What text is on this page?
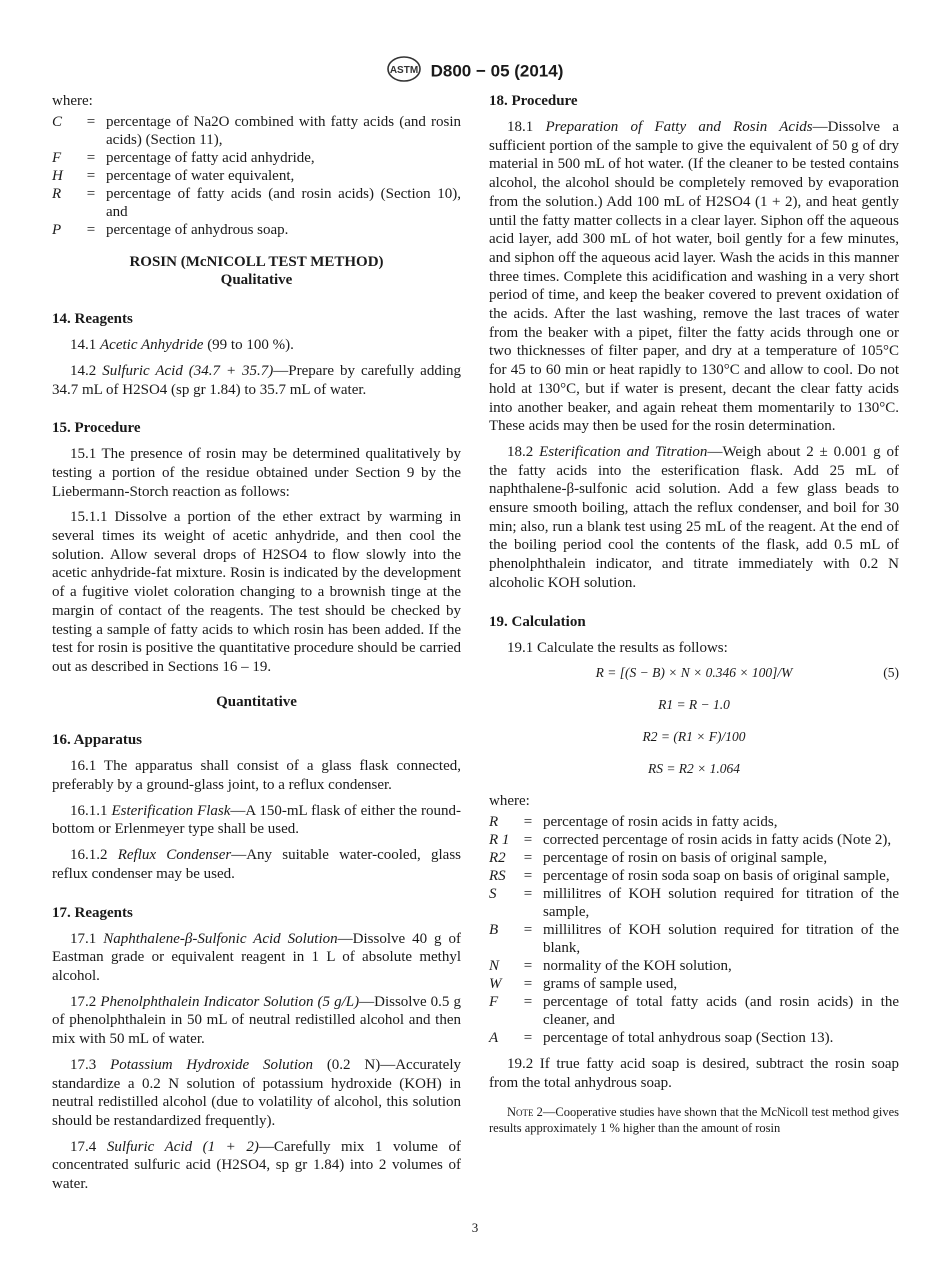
ASTM D800 − 05 (2014)

where:

C	=	percentage of Na2O combined with fatty acids (and rosin acids) (Section 11),
F	=	percentage of fatty acid anhydride,
H	=	percentage of water equivalent,
R	=	percentage of fatty acids (and rosin acids) (Section 10), and
P	=	percentage of anhydrous soap.
ROSIN (McNICOLL TEST METHOD)
Qualitative
14. Reagents

14.1 Acetic Anhydride (99 to 100 %).

14.2 Sulfuric Acid (34.7 + 35.7)—Prepare by carefully adding 34.7 mL of H2SO4 (sp gr 1.84) to 35.7 mL of water.

15. Procedure

15.1 The presence of rosin may be determined qualitatively by testing a portion of the residue obtained under Section 9 by the Liebermann-Storch reaction as follows:

15.1.1 Dissolve a portion of the ether extract by warming in several times its weight of acetic anhydride, and then cool the solution. Allow several drops of H2SO4 to flow slowly into the acetic anhydride-fat mixture. Rosin is indicated by the development of a fugitive violet coloration changing to a brownish tinge at the margin of contact of the reagents. The test should be checked by testing a sample of fatty acids to which rosin has been added. If the test for rosin is positive the quantitative procedure should be carried out as described in Sections 16 – 19.

Quantitative
16. Apparatus

16.1 The apparatus shall consist of a glass flask connected, preferably by a ground-glass joint, to a reflux condenser.

16.1.1 Esterification Flask—A 150-mL flask of either the round-bottom or Erlenmeyer type shall be used.

16.1.2 Reflux Condenser—Any suitable water-cooled, glass reflux condenser may be used.

17. Reagents

17.1 Naphthalene-β-Sulfonic Acid Solution—Dissolve 40 g of Eastman grade or equivalent reagent in 1 L of absolute methyl alcohol.

17.2 Phenolphthalein Indicator Solution (5 g/L)—Dissolve 0.5 g of phenolphthalein in 50 mL of neutral redistilled alcohol and then mix with 50 mL of water.

17.3 Potassium Hydroxide Solution (0.2 N)—Accurately standardize a 0.2 N solution of potassium hydroxide (KOH) in neutral redistilled alcohol (due to volatility of alcohol, this solution should be restandardized frequently).

17.4 Sulfuric Acid (1 + 2)—Carefully mix 1 volume of concentrated sulfuric acid (H2SO4, sp gr 1.84) into 2 volumes of water.

18. Procedure

18.1 Preparation of Fatty and Rosin Acids—Dissolve a sufficient portion of the sample to give the equivalent of 50 g of dry material in 500 mL of hot water. (If the cleaner to be tested contains alcohol, the alcohol should be completely removed by evaporation from the solution.) Add 100 mL of H2SO4 (1 + 2), and heat gently until the fatty matter collects in a clear layer. Siphon off the aqueous acid layer, add 300 mL of hot water, boil gently for a few minutes, and siphon off the aqueous acid layer. Wash the acids in this manner three times. Complete this acidification and washing in a very short period of time, and keep the beaker covered to prevent oxidation of the acids. After the last washing, remove the last traces of water from the beaker with a pipet, filter the fatty acids through one or two thicknesses of filter paper, and dry at a temperature of 105°C for 45 to 60 min or heat rapidly to 130°C and allow to cool. Do not hold at 130°C, but if water is present, decant the clear fatty acids into another beaker, and again reheat them momentarily to 130°C. These acids may then be used for the rosin determination.

18.2 Esterification and Titration—Weigh about 2 ± 0.001 g of the fatty acids into the esterification flask. Add 25 mL of naphthalene-β-sulfonic acid solution. Add a few glass beads to ensure smooth boiling, attach the reflux condenser, and boil for 30 min; also, run a blank test using 25 mL of the reagent. At the end of the boiling period cool the contents of the flask, add 0.5 mL of phenolphthalein indicator, and titrate immediately with 0.2 N alcoholic KOH solution.

19. Calculation

19.1 Calculate the results as follows:

R = [(S − B) × N × 0.346 × 100]/W	(5)
R1 = R − 1.0
R2 = (R1 × F)/100
RS = R2 × 1.064

where:

R	=	percentage of rosin acids in fatty acids,
R 1	=	corrected percentage of rosin acids in fatty acids (Note 2),
R2	=	percentage of rosin on basis of original sample,
RS	=	percentage of rosin soda soap on basis of original sample,
S	=	millilitres of KOH solution required for titration of the sample,
B	=	millilitres of KOH solution required for titration of the blank,
N	=	normality of the KOH solution,
W	=	grams of sample used,
F	=	percentage of total fatty acids (and rosin acids) in the cleaner, and
A	=	percentage of total anhydrous soap (Section 13).

19.2 If true fatty acid soap is desired, subtract the rosin soap from the total anhydrous soap.

Note 2—Cooperative studies have shown that the McNicoll test method gives results approximately 1 % higher than the amount of rosin

3
